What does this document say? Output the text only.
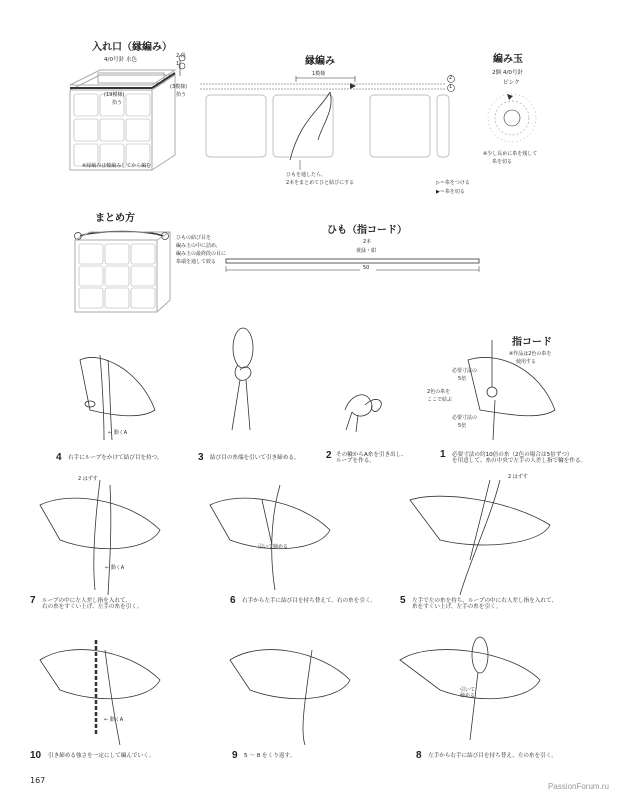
入れ口（縁編み）
4/0号針 水色
1
2 段
(19模様)
拾う
(3模様)
拾う
※縁編みは輪編みしてから編む
縁編み
1模様
2
1
ひもを通したら、
2本をまとめてひと結びにする	▷＝糸をつける
▶＝糸を切る
編み玉
2個 4/0号針
ピンク
※少し長めに糸を残して
糸を切る
まとめ方
ひもの結び目を
編み玉の中に詰め、
編み玉の最終段の目に
糸端を通して絞る
ひも（指コード）
2本
黄緑・紺
50
指コード
※作品は2色の糸を
使用する
必要寸法の
5倍
2色の糸を
ここで結ぶ
必要寸法の
5倍
← 動くA
2 はずす
← 動くA
引いて締める
2 はずす
← 動くA
引いて
締める
4 右手にループをかけて結び目を持つ。	3 結び目の糸端を引いて引き締める。	2 その輪からA糸を引き出し、
ループを作る。
1 必要寸法の約10倍の糸（2色の場合は5倍ずつ）
を用意して、糸の中央で左手の人差し指で輪を作る。
7 ループの中に左人差し指を入れて、
右の糸をすくい上げ、左手の糸を引く。
6 右手から左手に結び目を持ち替えて、右の糸を引く。 5 左手で左の糸を持ち、ループの中に右人差し指を入れて、
糸をすくい上げ、左手の糸を引く。
10 引き締める強さを一定にして編んでいく。	9 5 ～ 8 をくり返す。	8 左手から右手に結び目を持ち替え、左の糸を引く。
167
PassionForum.ru
